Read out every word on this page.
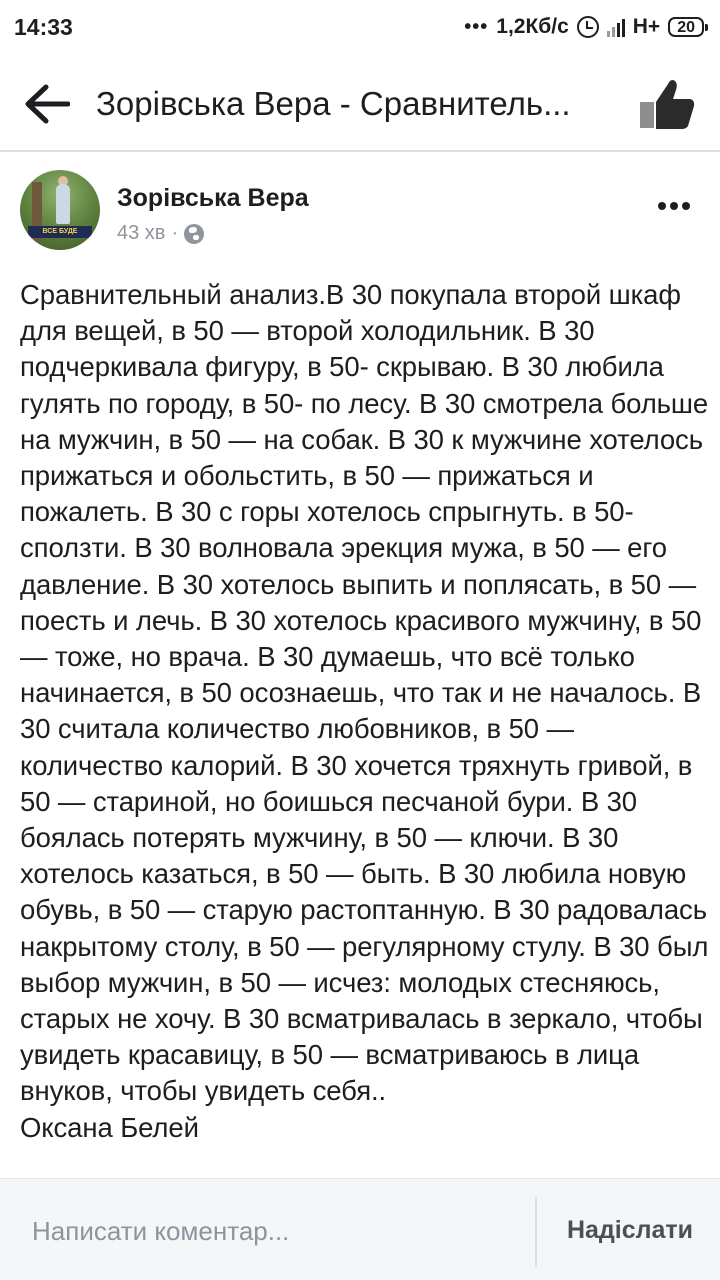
14:33	••• 1,2Кб/с	H+	20
Зорівська Вера - Сравнитель...
ВСЕ БУДЕ
Зорівська Вера
43 хв ·
Сравнительный анализ.В 30 покупала второй шкаф для вещей, в 50 — второй холодильник. В 30 подчеркивала фигуру, в 50- скрываю. В 30 любила гулять по городу, в 50- по лесу. В 30 смотрела больше на мужчин, в 50 — на собак. В 30 к мужчине хотелось прижаться и обольстить, в 50 — прижаться и пожалеть. В 30 с горы хотелось спрыгнуть. в 50- сползти. В 30 волновала эрекция мужа, в 50 — его давление. В 30 хотелось выпить и поплясать, в 50 — поесть и лечь. В 30 хотелось красивого мужчину, в 50 — тоже, но врача. В 30 думаешь, что всё только начинается, в 50 осознаешь, что так и не началось. В 30 считала количество любовников, в 50 — количество калорий. В 30 хочется тряхнуть гривой, в 50 — стариной, но боишься песчаной бури. В 30 боялась потерять мужчину, в 50 — ключи. В 30 хотелось казаться, в 50 — быть. В 30 любила новую обувь, в 50 — старую растоптанную. В 30 радовалась накрытому столу, в 50 — регулярному стулу. В 30 был выбор мужчин, в 50 — исчез: молодых стесняюсь, старых не хочу. В 30 всматривалась в зеркало, чтобы увидеть красавицу, в 50 — всматриваюсь в лица внуков, чтобы увидеть себя..
Оксана Белей
Написати коментар...
Надіслати
